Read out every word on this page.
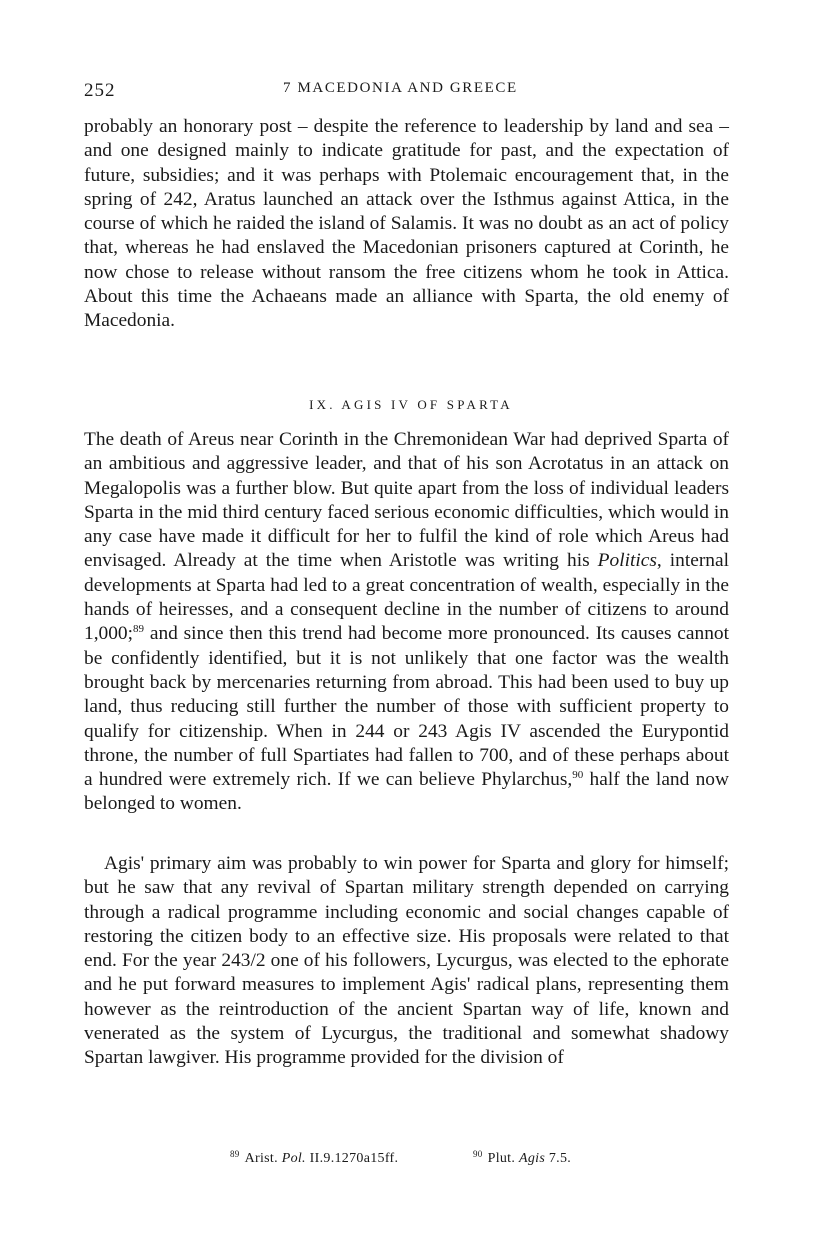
252	7 MACEDONIA AND GREECE
probably an honorary post – despite the reference to leadership by land and sea – and one designed mainly to indicate gratitude for past, and the expectation of future, subsidies; and it was perhaps with Ptolemaic encouragement that, in the spring of 242, Aratus launched an attack over the Isthmus against Attica, in the course of which he raided the island of Salamis. It was no doubt as an act of policy that, whereas he had enslaved the Macedonian prisoners captured at Corinth, he now chose to release without ransom the free citizens whom he took in Attica. About this time the Achaeans made an alliance with Sparta, the old enemy of Macedonia.
IX. AGIS IV OF SPARTA
The death of Areus near Corinth in the Chremonidean War had deprived Sparta of an ambitious and aggressive leader, and that of his son Acrotatus in an attack on Megalopolis was a further blow. But quite apart from the loss of individual leaders Sparta in the mid third century faced serious economic difficulties, which would in any case have made it difficult for her to fulfil the kind of role which Areus had envisaged. Already at the time when Aristotle was writing his Politics, internal developments at Sparta had led to a great concentration of wealth, especially in the hands of heiresses, and a consequent decline in the number of citizens to around 1,000;$^{89}$ and since then this trend had become more pronounced. Its causes cannot be confidently identified, but it is not unlikely that one factor was the wealth brought back by mercenaries returning from abroad. This had been used to buy up land, thus reducing still further the number of those with sufficient property to qualify for citizenship. When in 244 or 243 Agis IV ascended the Eurypontid throne, the number of full Spartiates had fallen to 700, and of these perhaps about a hundred were extremely rich. If we can believe Phylarchus,$^{90}$ half the land now belonged to women.
Agis' primary aim was probably to win power for Sparta and glory for himself; but he saw that any revival of Spartan military strength depended on carrying through a radical programme including economic and social changes capable of restoring the citizen body to an effective size. His proposals were related to that end. For the year 243/2 one of his followers, Lycurgus, was elected to the ephorate and he put forward measures to implement Agis' radical plans, representing them however as the reintroduction of the ancient Spartan way of life, known and venerated as the system of Lycurgus, the traditional and somewhat shadowy Spartan lawgiver. His programme provided for the division of
$^{89}$ Arist. Pol. II.9.1270a15ff.	$^{90}$ Plut. Agis 7.5.
